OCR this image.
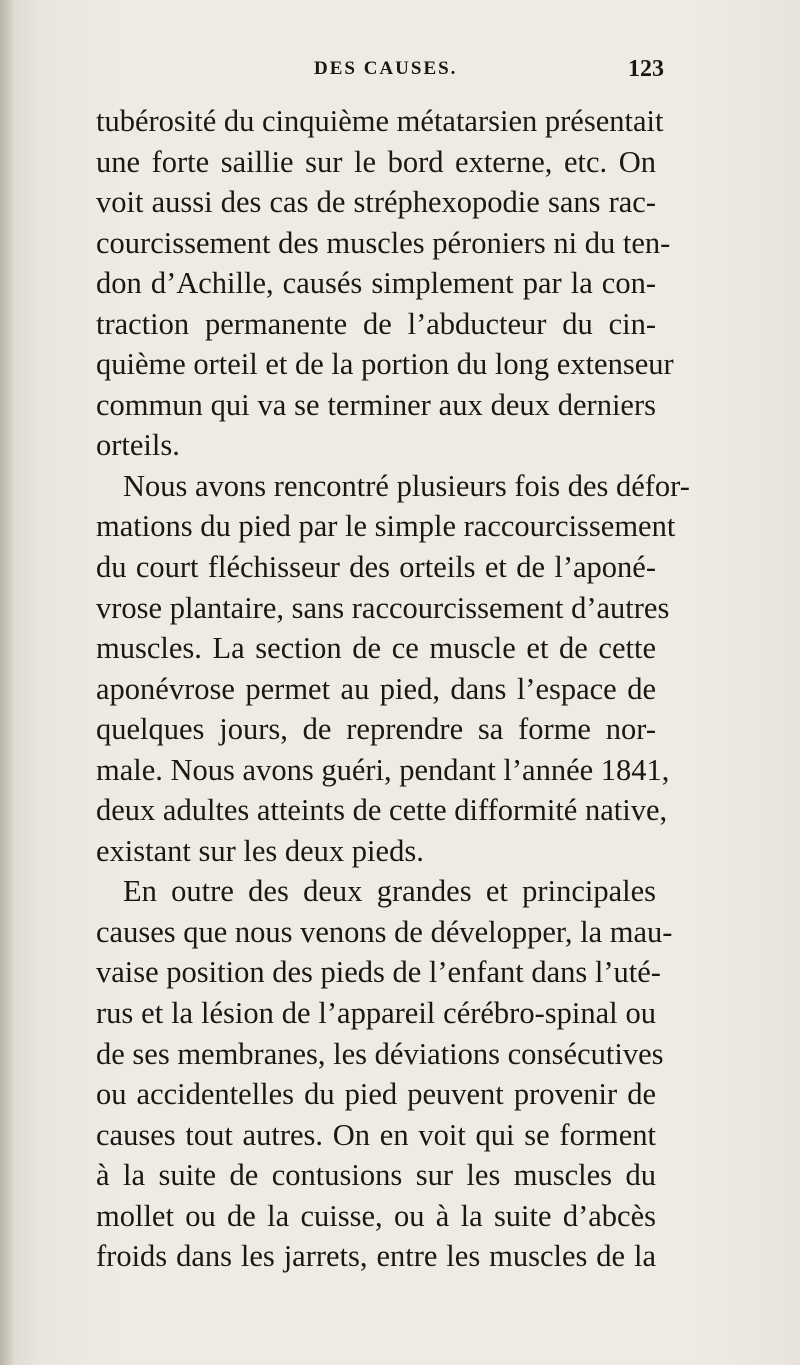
DES CAUSES.	123
tubérosité du cinquième métatarsien présentait
une forte saillie sur le bord externe, etc. On
voit aussi des cas de stréphexopodie sans rac-
courcissement des muscles péroniers ni du ten-
don d’Achille, causés simplement par la con-
traction permanente de l’abducteur du cin-
quième orteil et de la portion du long extenseur
commun qui va se terminer aux deux derniers
orteils.
Nous avons rencontré plusieurs fois des défor-
mations du pied par le simple raccourcissement
du court fléchisseur des orteils et de l’aponé-
vrose plantaire, sans raccourcissement d’autres
muscles. La section de ce muscle et de cette
aponévrose permet au pied, dans l’espace de
quelques jours, de reprendre sa forme nor-
male. Nous avons guéri, pendant l’année 1841,
deux adultes atteints de cette difformité native,
existant sur les deux pieds.
En outre des deux grandes et principales
causes que nous venons de développer, la mau-
vaise position des pieds de l’enfant dans l’uté-
rus et la lésion de l’appareil cérébro-spinal ou
de ses membranes, les déviations consécutives
ou accidentelles du pied peuvent provenir de
causes tout autres. On en voit qui se forment
à la suite de contusions sur les muscles du
mollet ou de la cuisse, ou à la suite d’abcès
froids dans les jarrets, entre les muscles de la
